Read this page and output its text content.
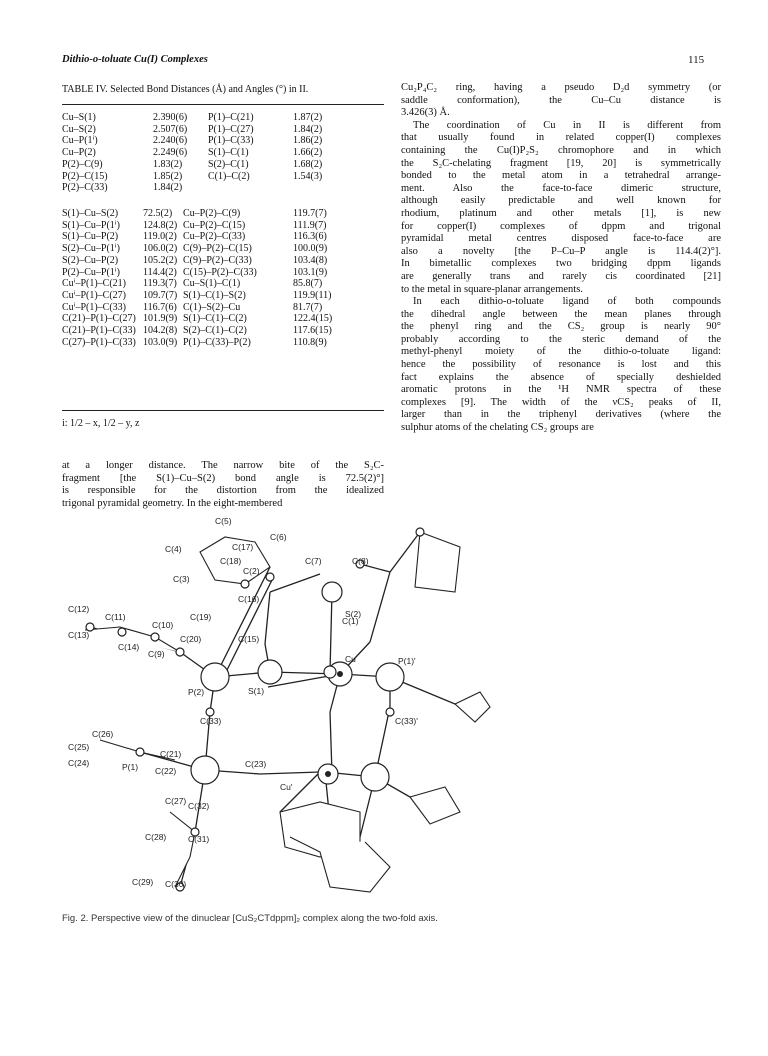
Dithio-o-toluate Cu(I) Complexes	115
TABLE IV. Selected Bond Distances (Å) and Angles (°) in II.
Cu–S(1)	2.390(6)	P(1)–C(21)	1.87(2)
Cu–S(2)	2.507(6)	P(1)–C(27)	1.84(2)
Cu–P(1ⁱ)	2.240(6)	P(1)–C(33)	1.86(2)
Cu–P(2)	2.249(6)	S(1)–C(1)	1.66(2)
P(2)–C(9)	1.83(2)	S(2)–C(1)	1.68(2)
P(2)–C(15)	1.85(2)	C(1)–C(2)	1.54(3)
P(2)–C(33)	1.84(2)
S(1)–Cu–S(2)	72.5(2)	Cu–P(2)–C(9)	119.7(7)
S(1)–Cu–P(1ⁱ)	124.8(2) Cu–P(2)–C(15)	111.9(7)
S(1)–Cu–P(2)	119.0(2) Cu–P(2)–C(33)	116.3(6)
S(2)–Cu–P(1ⁱ)	106.0(2) C(9)–P(2)–C(15)	100.0(9)
S(2)–Cu–P(2)	105.2(2) C(9)–P(2)–C(33)	103.4(8)
P(2)–Cu–P(1ⁱ)	114.4(2) C(15)–P(2)–C(33)	103.1(9)
Cuⁱ–P(1)–C(21)	119.3(7) Cu–S(1)–C(1)	85.8(7)
Cuⁱ–P(1)–C(27)	109.7(7) S(1)–C(1)–S(2)	119.9(11)
Cuⁱ–P(1)–C(33)	116.7(6) C(1)–S(2)–Cu	81.7(7)
C(21)–P(1)–C(27) 101.9(9) S(1)–C(1)–C(2)	122.4(15)
C(21)–P(1)–C(33) 104.2(8) S(2)–C(1)–C(2)	117.6(15)
C(27)–P(1)–C(33) 103.0(9) P(1)–C(33)–P(2)	110.8(9)
i: 1/2 – x, 1/2 – y, z

at a longer distance. The narrow bite of the S₂C-
fragment [the S(1)–Cu–S(2) bond angle is 72.5(2)°]
is responsible for the distortion from the idealized
trigonal pyramidal geometry. In the eight-membered

Cu₂P₄C₂ ring, having a pseudo D₂d symmetry (or
saddle conformation), the Cu–Cu distance is
3.426(3) Å.

The coordination of Cu in II is different from
that usually found in related copper(I) complexes
containing the Cu(I)P₂S₂ chromophore and in which
the S₂C-chelating fragment [19, 20] is symmetrically
bonded to the metal atom in a tetrahedral arrange-
ment. Also the face-to-face dimeric structure,
although easily predictable and well known for
rhodium, platinum and other metals [1], is new
for copper(I) complexes of dppm and trigonal
pyramidal metal centres disposed face-to-face are
also a novelty [the P–Cu–P angle is 114.4(2)°].
In bimetallic complexes two bridging dppm ligands
are generally trans and rarely cis coordinated [21]
to the metal in square-planar arrangements.

In each dithio-o-toluate ligand of both compounds
the dihedral angle between the mean planes through
the phenyl ring and the CS₂ group is nearly 90°
probably according to the steric demand of the
methyl-phenyl moiety of the dithio-o-toluate ligand:
hence the possibility of resonance is lost and this
fact explains the absence of specially deshielded
aromatic protons in the ¹H NMR spectra of these
complexes [9]. The width of the νCS₂ peaks of II,
larger than in the triphenyl derivatives (where the
sulphur atoms of the chelating CS₂ groups are

C(5)
C(6)
C(4)	C(17)
C(18)	C(7)	C(8)
C(3)
C(2)
S(2)
C(12)
C(11)	C(19)
C(16)
C(13)
C(10)	C(1)
C(14)
C(20)	C(15)
C(9)	Cu	P(1)'
P(2)	S(1)
C(33)	C(33)'
C(25)
C(26)
C(21)
C(24)	P(1)	C(23)
C(22)
Cu'
C(27) C(32)
C(28)	C(31)
C(29) C(30)
Fig. 2. Perspective view of the dinuclear [CuS₂CTdppm]₂ complex along the two-fold axis.
